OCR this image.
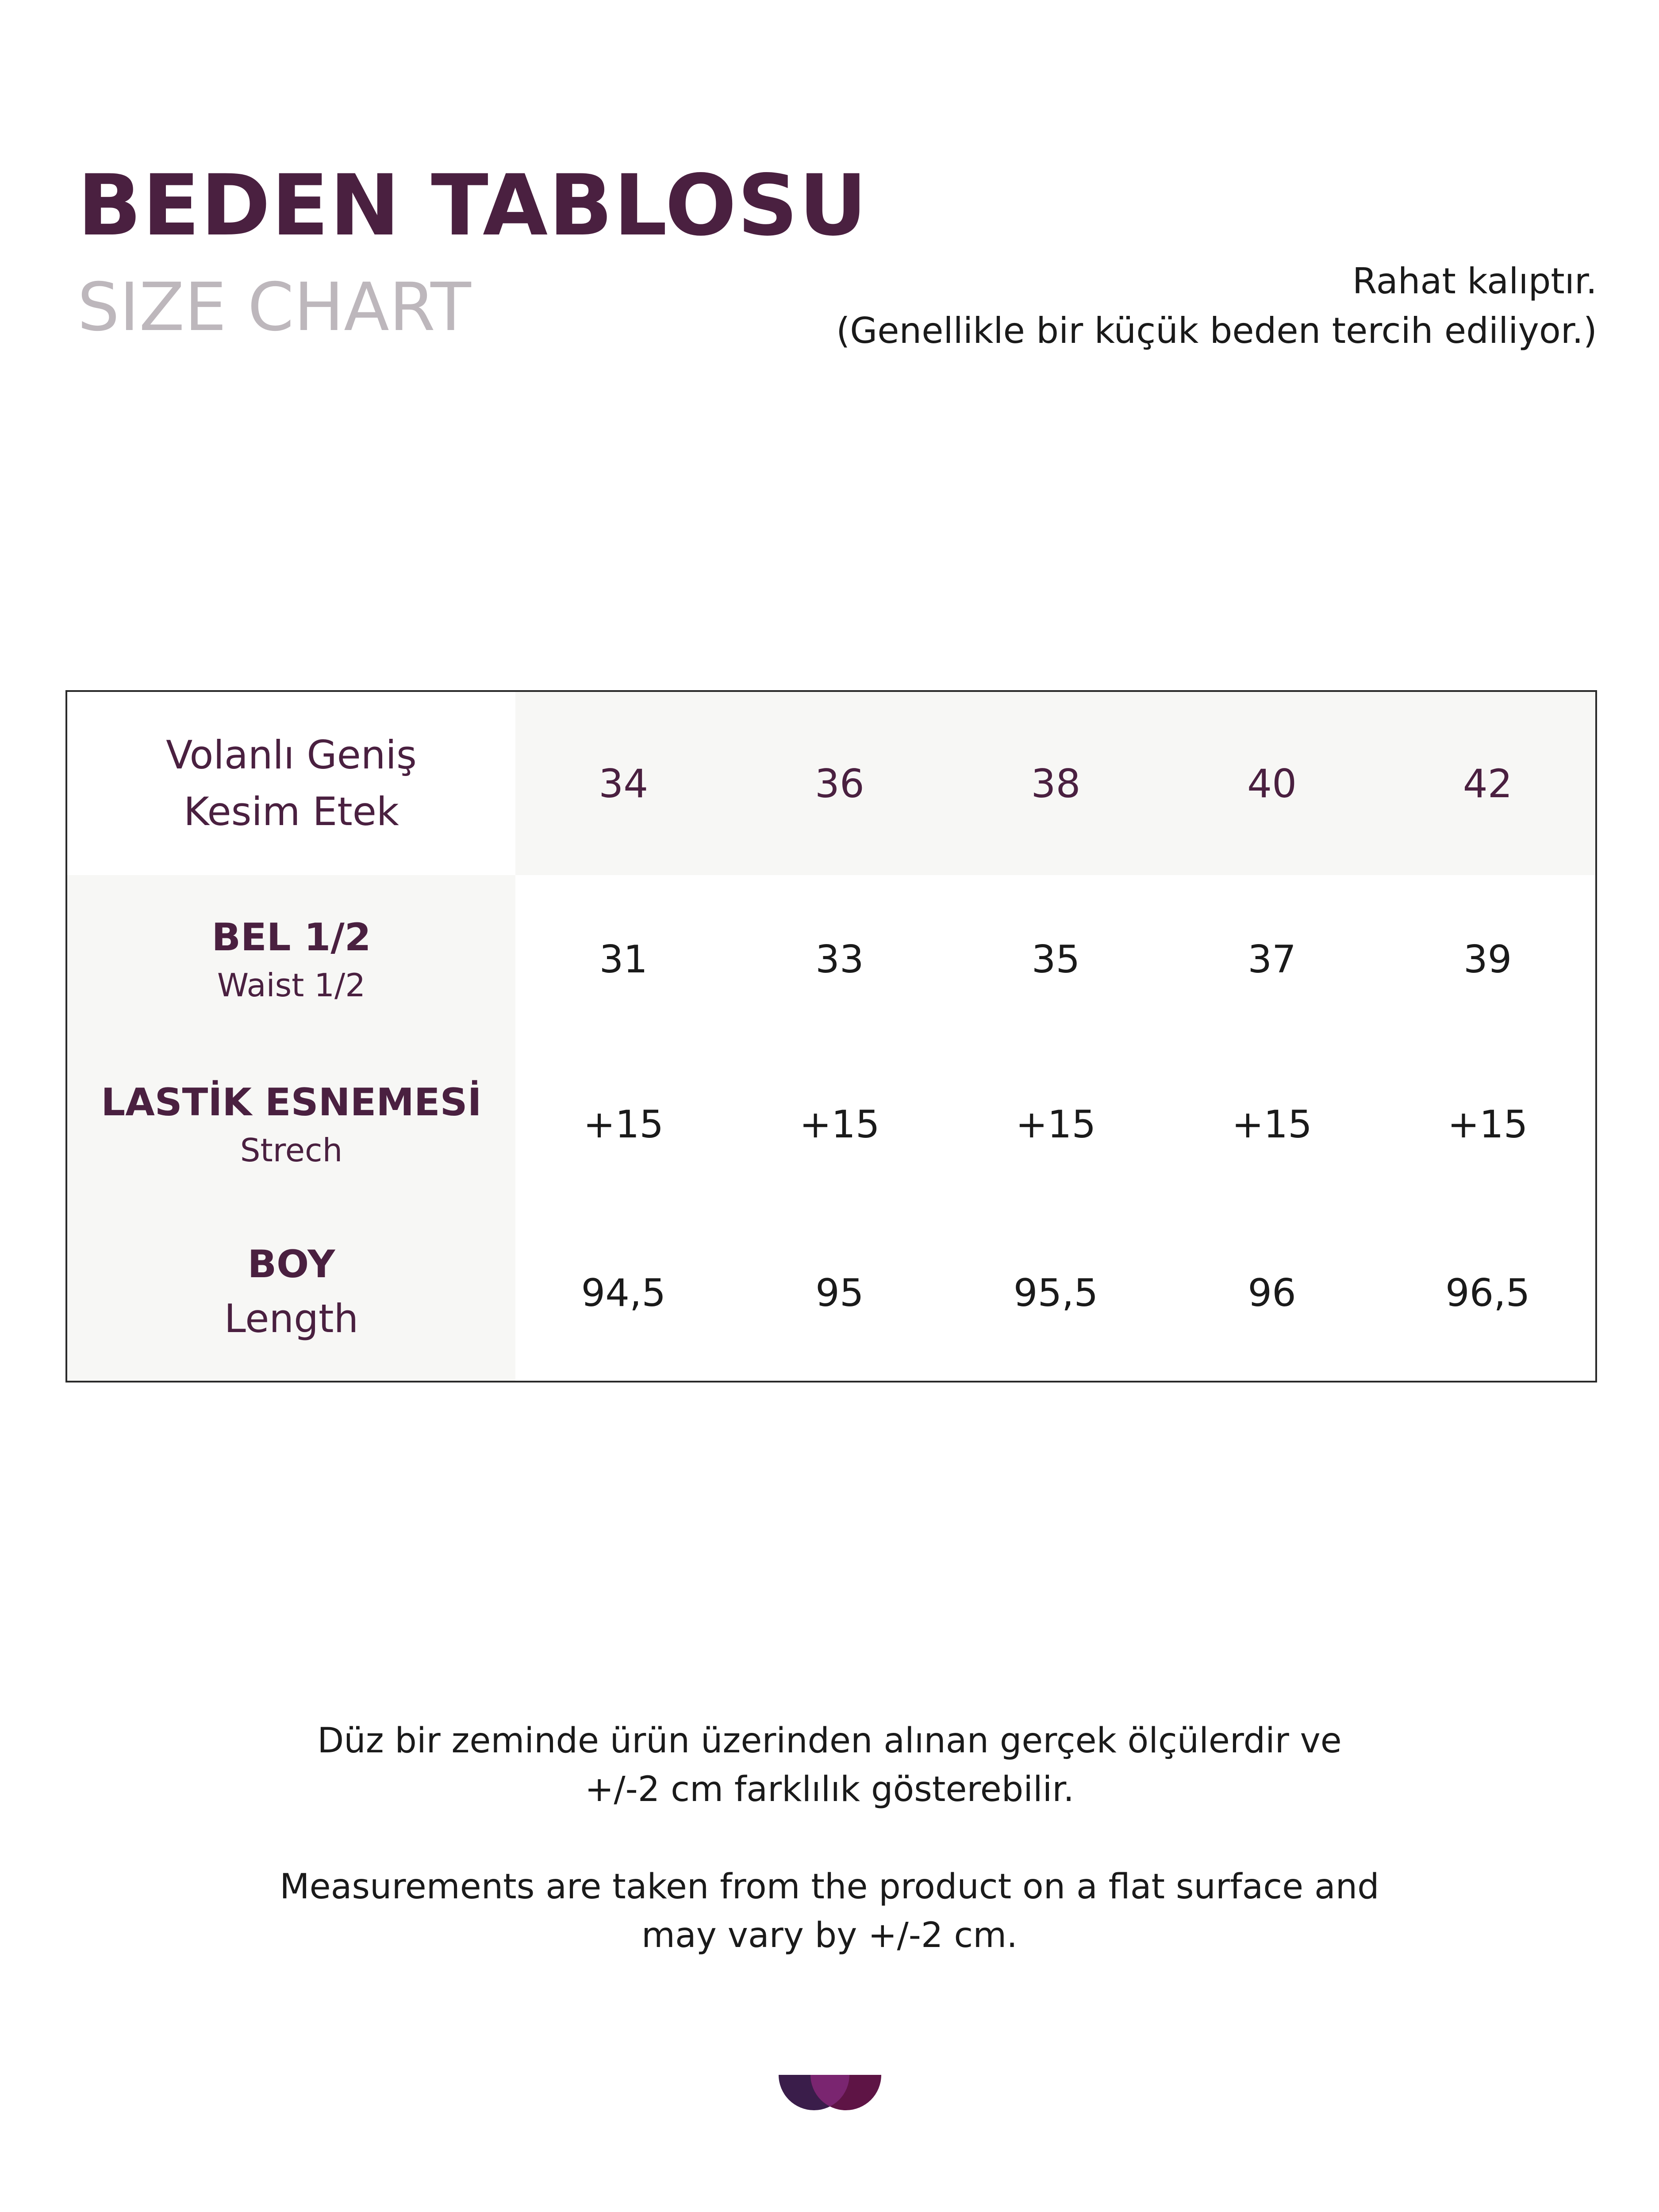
BEDEN TABLOSU
SIZE CHART	Rahat kalıptır.
(Genellikle bir küçük beden tercih ediliyor.)
Volanlı Geniş
Kesim Etek	34	36	38	40	42

BEL 1/2
Waist 1/2	31	33	35	37	39

LASTİK ESNEMESİ
Strech	+15	+15	+15	+15	+15

BOY
Length	94,5	95	95,5	96	96,5
Düz bir zeminde ürün üzerinden alınan gerçek ölçülerdir ve
+/-2 cm farklılık gösterebilir.
Measurements are taken from the product on a flat surface and
may vary by +/-2 cm.
